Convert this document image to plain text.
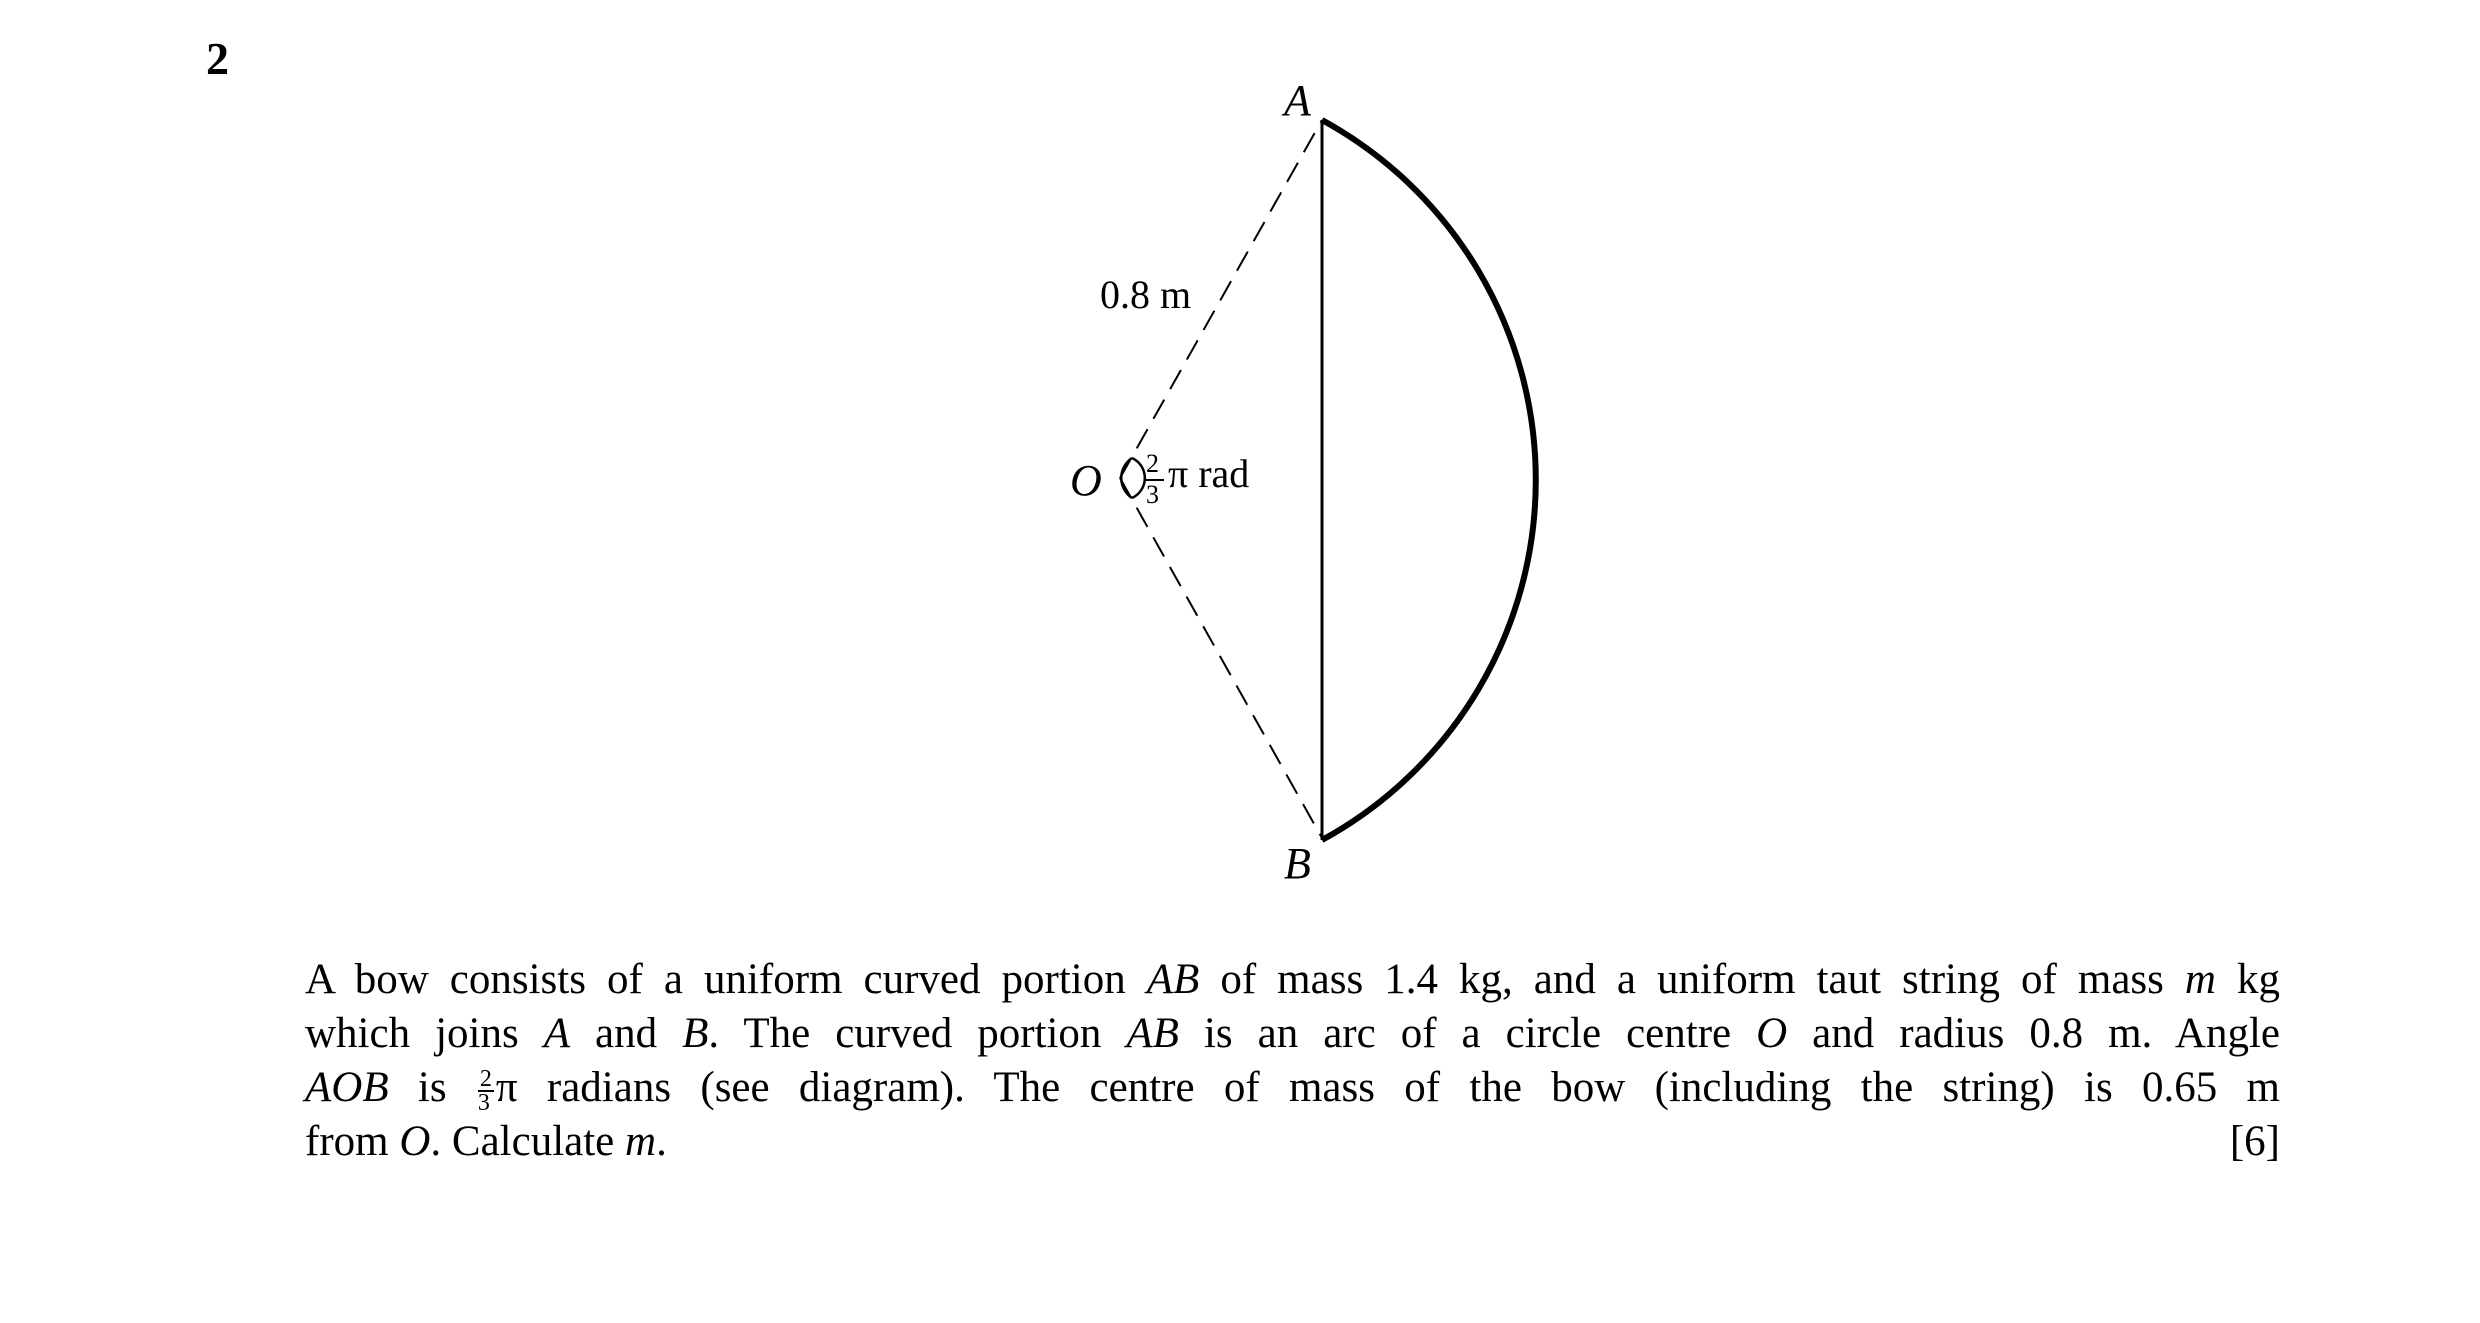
2
A
B
O
0.8 m
2
3 π rad
A bow consists of a uniform curved portion AB of mass 1.4 kg, and a uniform taut string of mass m kg
which joins A and B. The curved portion AB is an arc of a circle centre O and radius 0.8 m. Angle
AOB is $\frac{2}{3}$ π radians (see diagram). The centre of mass of the bow (including the string) is 0.65 m
from O. Calculate m.	[6]
